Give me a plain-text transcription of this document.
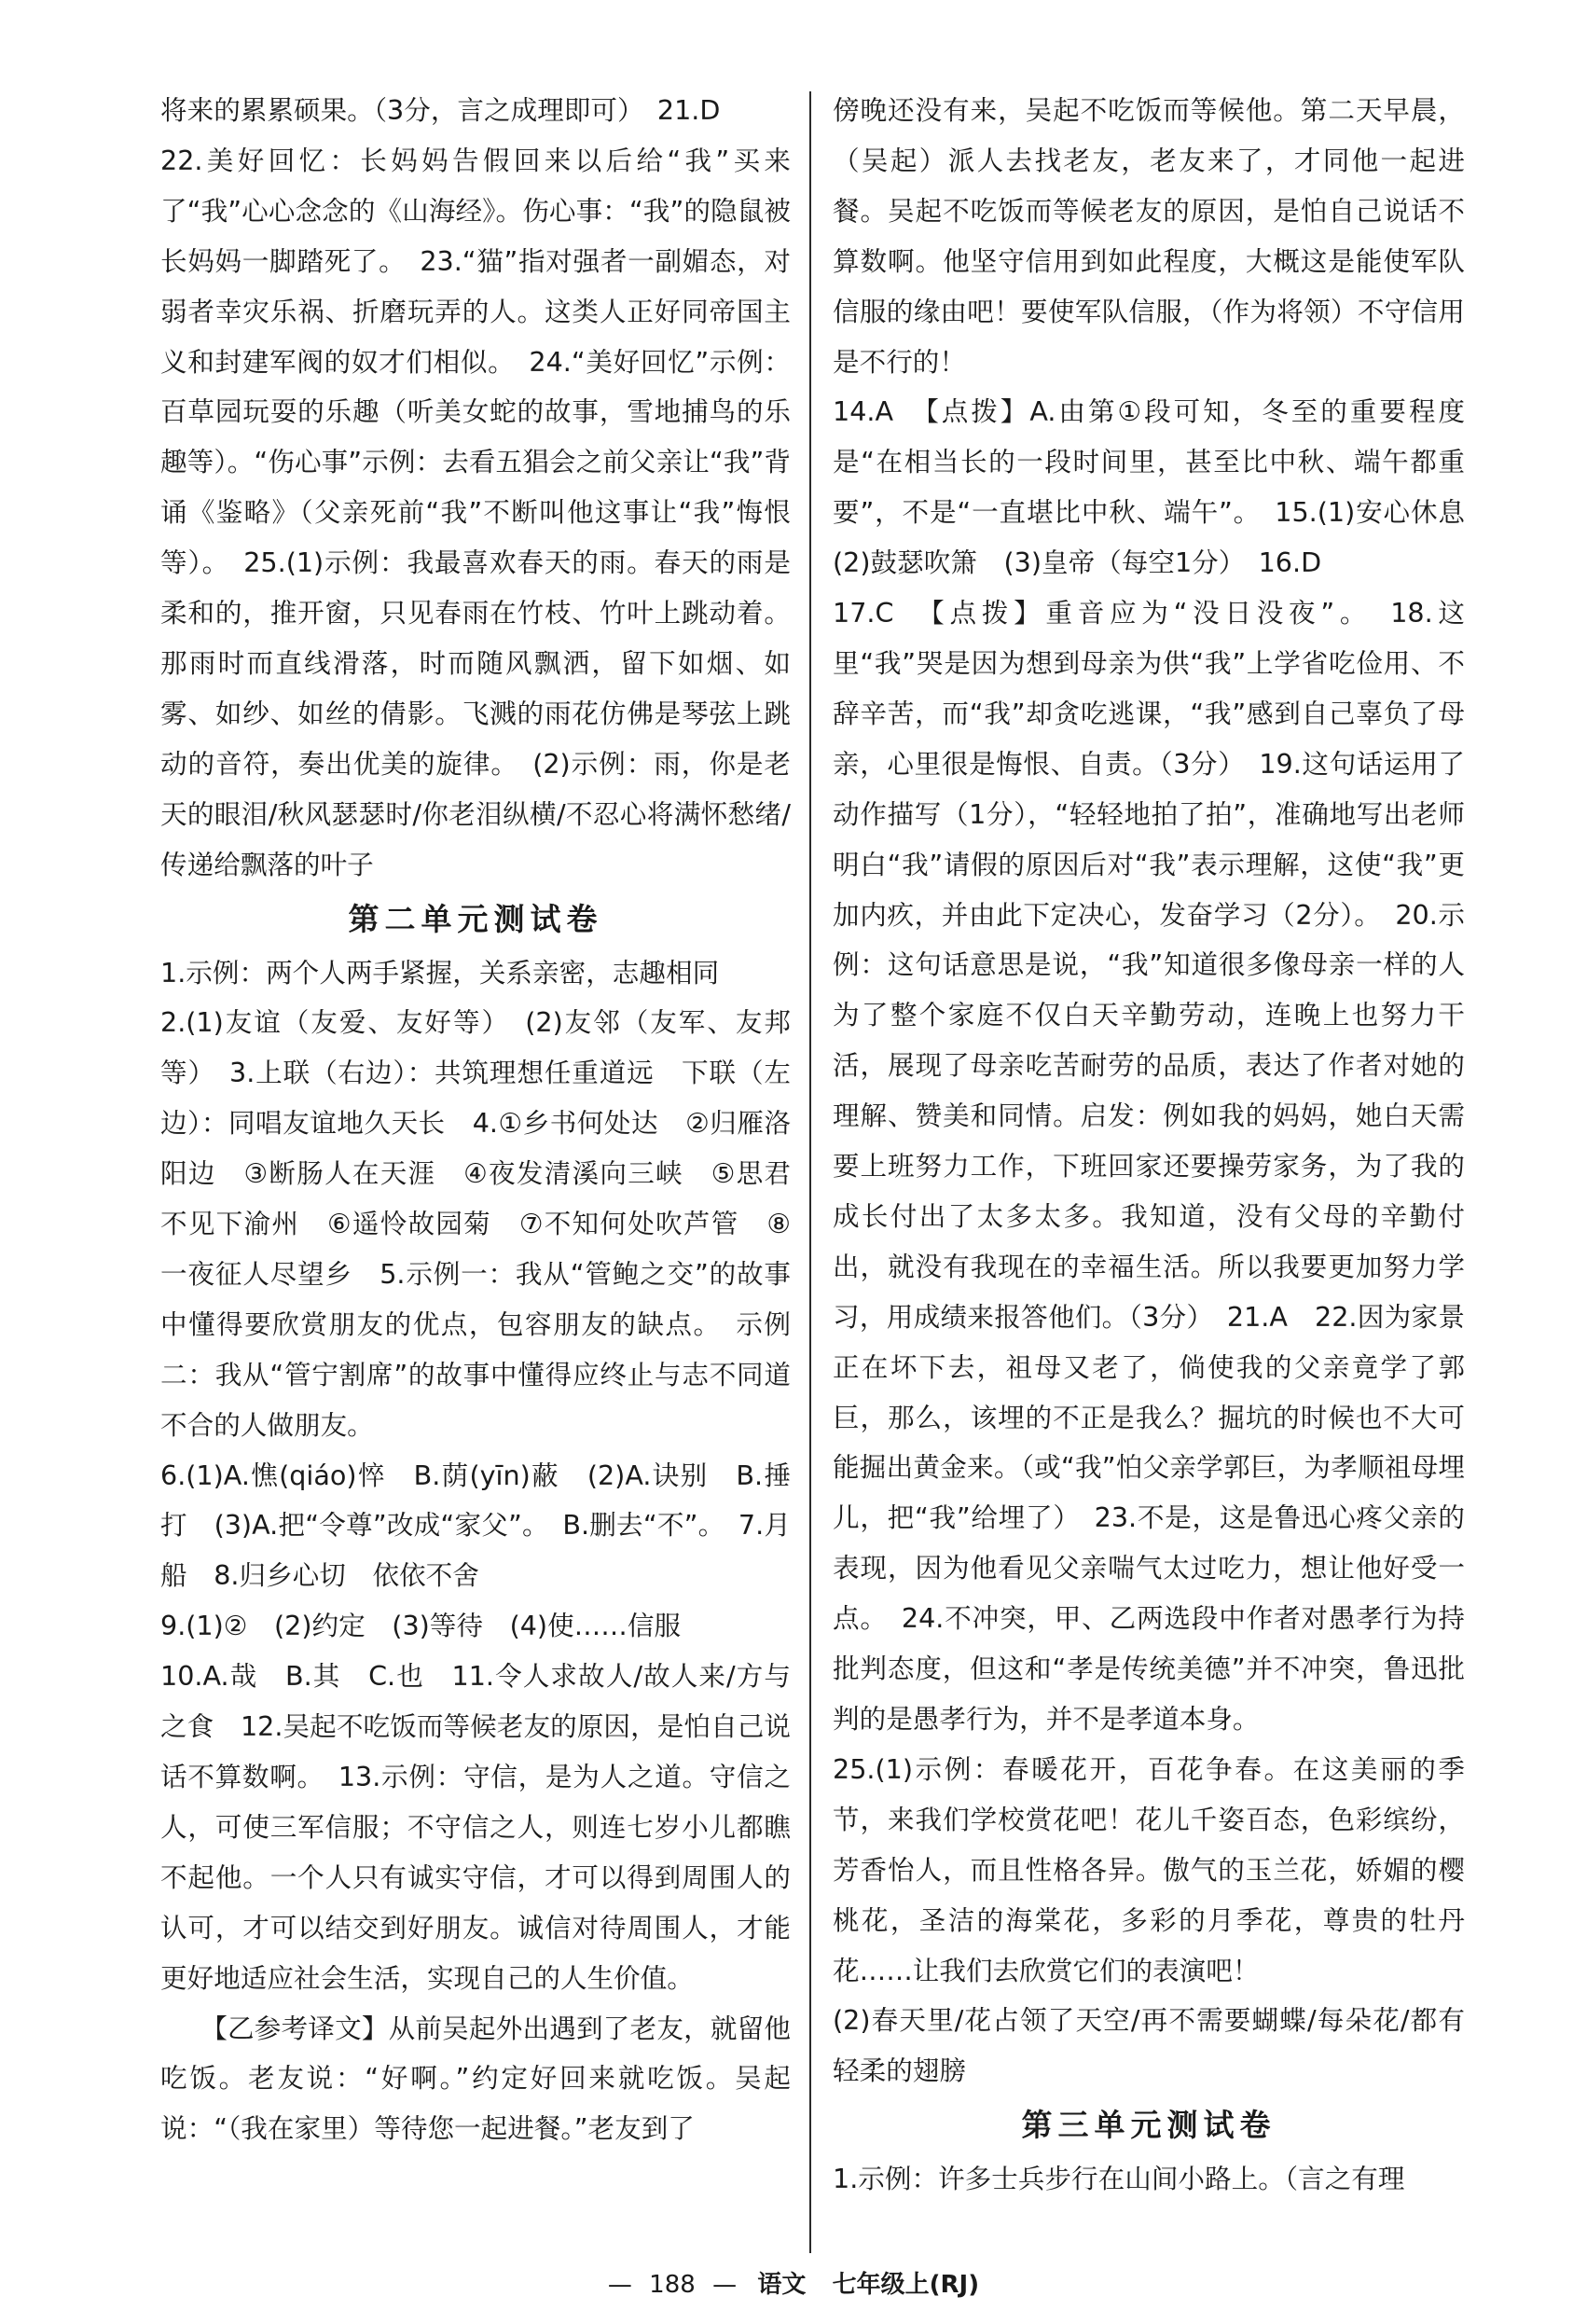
将来的累累硕果。（3分，言之成理即可）　21.D

22.美好回忆：长妈妈告假回来以后给“我”买来了“我”心心念念的《山海经》。伤心事：“我”的隐鼠被长妈妈一脚踏死了。　23.“猫”指对强者一副媚态，对弱者幸灾乐祸、折磨玩弄的人。这类人正好同帝国主义和封建军阀的奴才们相似。　24.“美好回忆”示例：百草园玩耍的乐趣（听美女蛇的故事，雪地捕鸟的乐趣等）。“伤心事”示例：去看五猖会之前父亲让“我”背诵《鉴略》（父亲死前“我”不断叫他这事让“我”悔恨等）。　25.(1)示例：我最喜欢春天的雨。春天的雨是柔和的，推开窗，只见春雨在竹枝、竹叶上跳动着。那雨时而直线滑落，时而随风飘洒，留下如烟、如雾、如纱、如丝的倩影。飞溅的雨花仿佛是琴弦上跳动的音符，奏出优美的旋律。　(2)示例：雨，你是老天的眼泪/秋风瑟瑟时/你老泪纵横/不忍心将满怀愁绪/传递给飘落的叶子

第二单元测试卷

1.示例：两个人两手紧握，关系亲密，志趣相同

2.(1)友谊（友爱、友好等）　(2)友邻（友军、友邦等）　3.上联（右边）：共筑理想任重道远　下联（左边）：同唱友谊地久天长　4.①乡书何处达　②归雁洛阳边　③断肠人在天涯　④夜发清溪向三峡　⑤思君不见下渝州　⑥遥怜故园菊　⑦不知何处吹芦管　⑧一夜征人尽望乡　5.示例一：我从“管鲍之交”的故事中懂得要欣赏朋友的优点，包容朋友的缺点。　示例二：我从“管宁割席”的故事中懂得应终止与志不同道不合的人做朋友。

6.(1)A.憔(qiáo)悴　B.荫(yīn)蔽　(2)A.诀别　B.捶打　(3)A.把“令尊”改成“家父”。　B.删去“不”。　7.月　船　8.归乡心切　依依不舍

9.(1)②　(2)约定　(3)等待　(4)使……信服

10.A.哉　B.其　C.也　11.令人求故人/故人来/方与之食　12.吴起不吃饭而等候老友的原因，是怕自己说话不算数啊。　13.示例：守信，是为人之道。守信之人，可使三军信服；不守信之人，则连七岁小儿都瞧不起他。一个人只有诚实守信，才可以得到周围人的认可，才可以结交到好朋友。诚信对待周围人，才能更好地适应社会生活，实现自己的人生价值。

　　【乙参考译文】从前吴起外出遇到了老友，就留他吃饭。老友说：“好啊。”约定好回来就吃饭。吴起说：“（我在家里）等待您一起进餐。”老友到了

傍晚还没有来，吴起不吃饭而等候他。第二天早晨，（吴起）派人去找老友，老友来了，才同他一起进餐。吴起不吃饭而等候老友的原因，是怕自己说话不算数啊。他坚守信用到如此程度，大概这是能使军队信服的缘由吧！要使军队信服，（作为将领）不守信用是不行的！

14.A　【点拨】A.由第①段可知，冬至的重要程度是“在相当长的一段时间里，甚至比中秋、端午都重要”，不是“一直堪比中秋、端午”。　15.(1)安心休息　(2)鼓瑟吹箫　(3)皇帝（每空1分）　16.D

17.C　【点拨】重音应为“没日没夜”。　18.这里“我”哭是因为想到母亲为供“我”上学省吃俭用、不辞辛苦，而“我”却贪吃逃课，“我”感到自己辜负了母亲，心里很是悔恨、自责。（3分）　19.这句话运用了动作描写（1分），“轻轻地拍了拍”，准确地写出老师明白“我”请假的原因后对“我”表示理解，这使“我”更加内疚，并由此下定决心，发奋学习（2分）。　20.示例：这句话意思是说，“我”知道很多像母亲一样的人为了整个家庭不仅白天辛勤劳动，连晚上也努力干活，展现了母亲吃苦耐劳的品质，表达了作者对她的理解、赞美和同情。启发：例如我的妈妈，她白天需要上班努力工作，下班回家还要操劳家务，为了我的成长付出了太多太多。我知道，没有父母的辛勤付出，就没有我现在的幸福生活。所以我要更加努力学习，用成绩来报答他们。（3分）　21.A　22.因为家景正在坏下去，祖母又老了，倘使我的父亲竟学了郭巨，那么，该埋的不正是我么？掘坑的时候也不大可能掘出黄金来。（或“我”怕父亲学郭巨，为孝顺祖母埋儿，把“我”给埋了）　23.不是，这是鲁迅心疼父亲的表现，因为他看见父亲喘气太过吃力，想让他好受一点。　24.不冲突，甲、乙两选段中作者对愚孝行为持批判态度，但这和“孝是传统美德”并不冲突，鲁迅批判的是愚孝行为，并不是孝道本身。

25.(1)示例：春暖花开，百花争春。在这美丽的季节，来我们学校赏花吧！花儿千姿百态，色彩缤纷，芳香怡人，而且性格各异。傲气的玉兰花，娇媚的樱桃花，圣洁的海棠花，多彩的月季花，尊贵的牡丹花……让我们去欣赏它们的表演吧！

(2)春天里/花占领了天空/再不需要蝴蝶/每朵花/都有轻柔的翅膀

第三单元测试卷

1.示例：许多士兵步行在山间小路上。（言之有理

— 188 — 语文 七年级上(RJ)
